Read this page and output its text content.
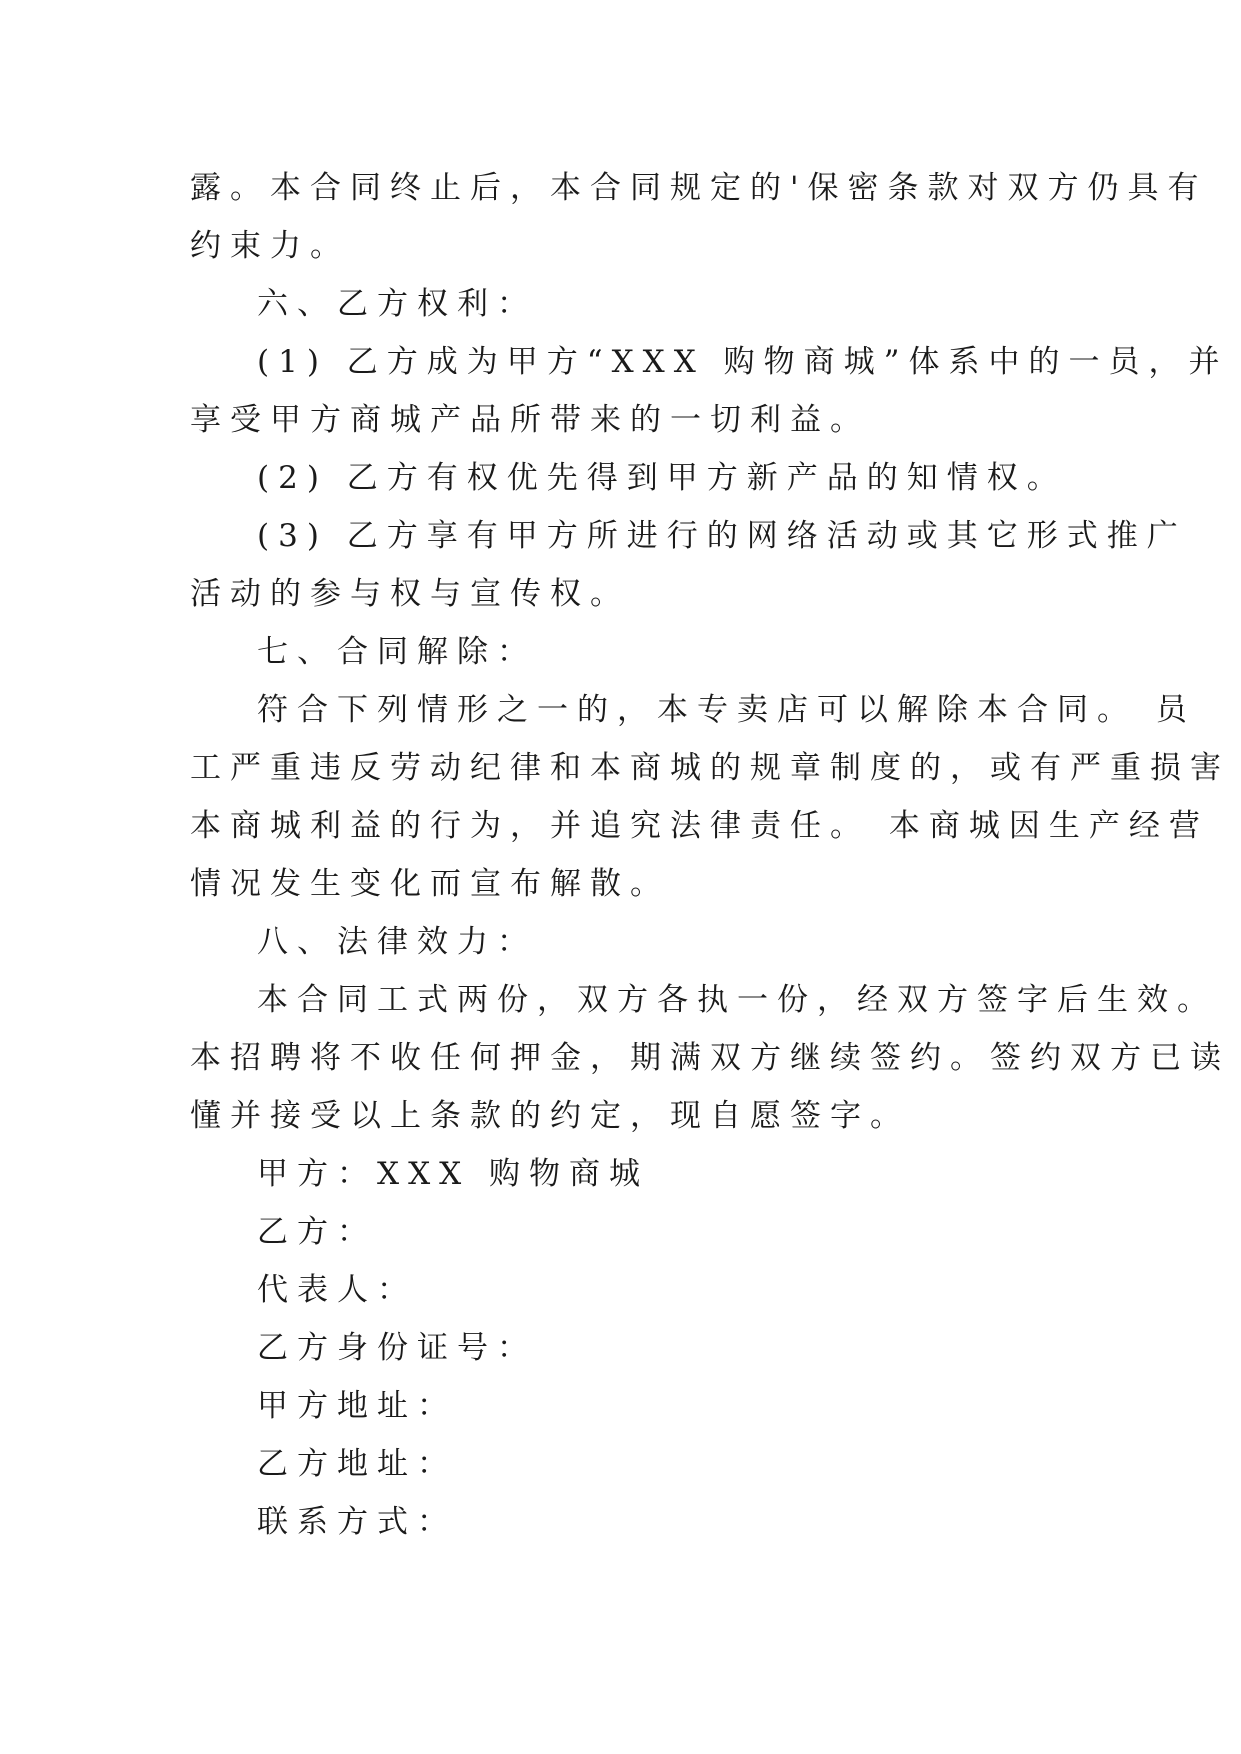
露。本合同终止后，本合同规定的'保密条款对双方仍具有
约束力。
六、乙方权利：
(1) 乙方成为甲方“XXX 购物商城”体系中的一员，并
享受甲方商城产品所带来的一切利益。
(2) 乙方有权优先得到甲方新产品的知情权。
(3) 乙方享有甲方所进行的网络活动或其它形式推广
活动的参与权与宣传权。
七、合同解除：
符合下列情形之一的，本专卖店可以解除本合同。 员
工严重违反劳动纪律和本商城的规章制度的，或有严重损害
本商城利益的行为，并追究法律责任。 本商城因生产经营
情况发生变化而宣布解散。
八、法律效力：
本合同工式两份，双方各执一份，经双方签字后生效。
本招聘将不收任何押金，期满双方继续签约。签约双方已读
懂并接受以上条款的约定，现自愿签字。
甲方：XXX 购物商城
乙方：
代表人：
乙方身份证号：
甲方地址：
乙方地址：
联系方式：
